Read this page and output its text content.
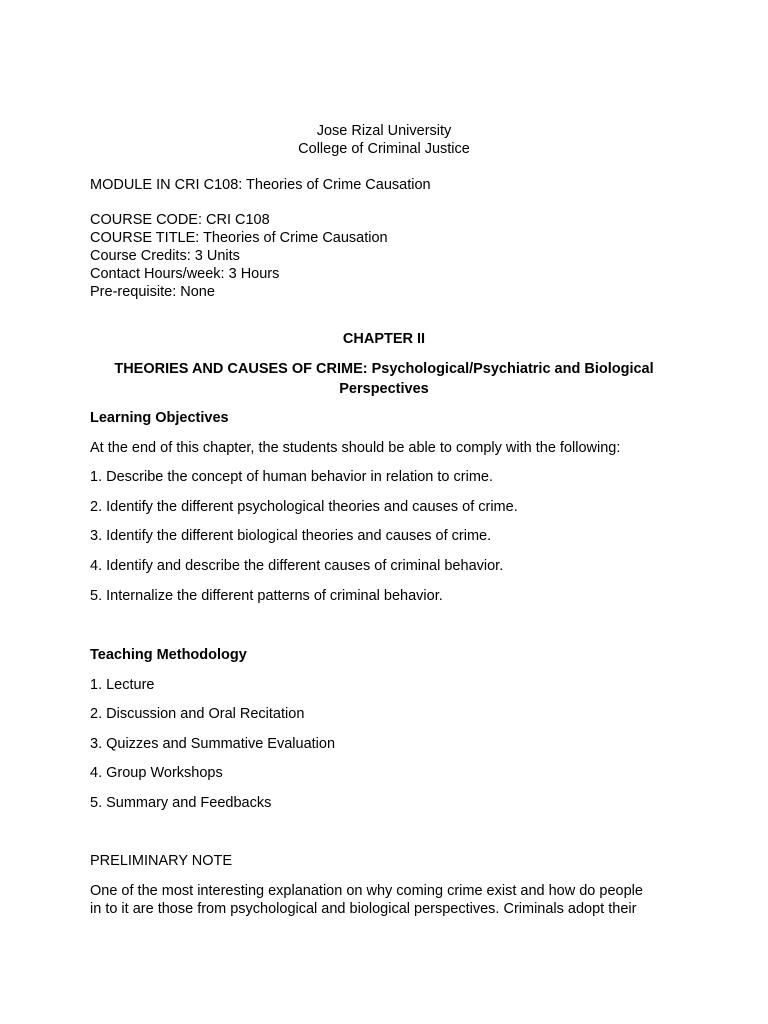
Jose Rizal University
College of Criminal Justice
MODULE IN CRI C108: Theories of Crime Causation
COURSE CODE: CRI C108
COURSE TITLE: Theories of Crime Causation
Course Credits: 3 Units
Contact Hours/week: 3 Hours
Pre-requisite: None
CHAPTER II
THEORIES AND CAUSES OF CRIME: Psychological/Psychiatric and Biological
Perspectives
Learning Objectives
At the end of this chapter, the students should be able to comply with the following:
1. Describe the concept of human behavior in relation to crime.
2. Identify the different psychological theories and causes of crime.
3. Identify the different biological theories and causes of crime.
4. Identify and describe the different causes of criminal behavior.
5. Internalize the different patterns of criminal behavior.
Teaching Methodology
1. Lecture
2. Discussion and Oral Recitation
3. Quizzes and Summative Evaluation
4. Group Workshops
5. Summary and Feedbacks
PRELIMINARY NOTE
One of the most interesting explanation on why coming crime exist and how do people
in to it are those from psychological and biological perspectives. Criminals adopt their
